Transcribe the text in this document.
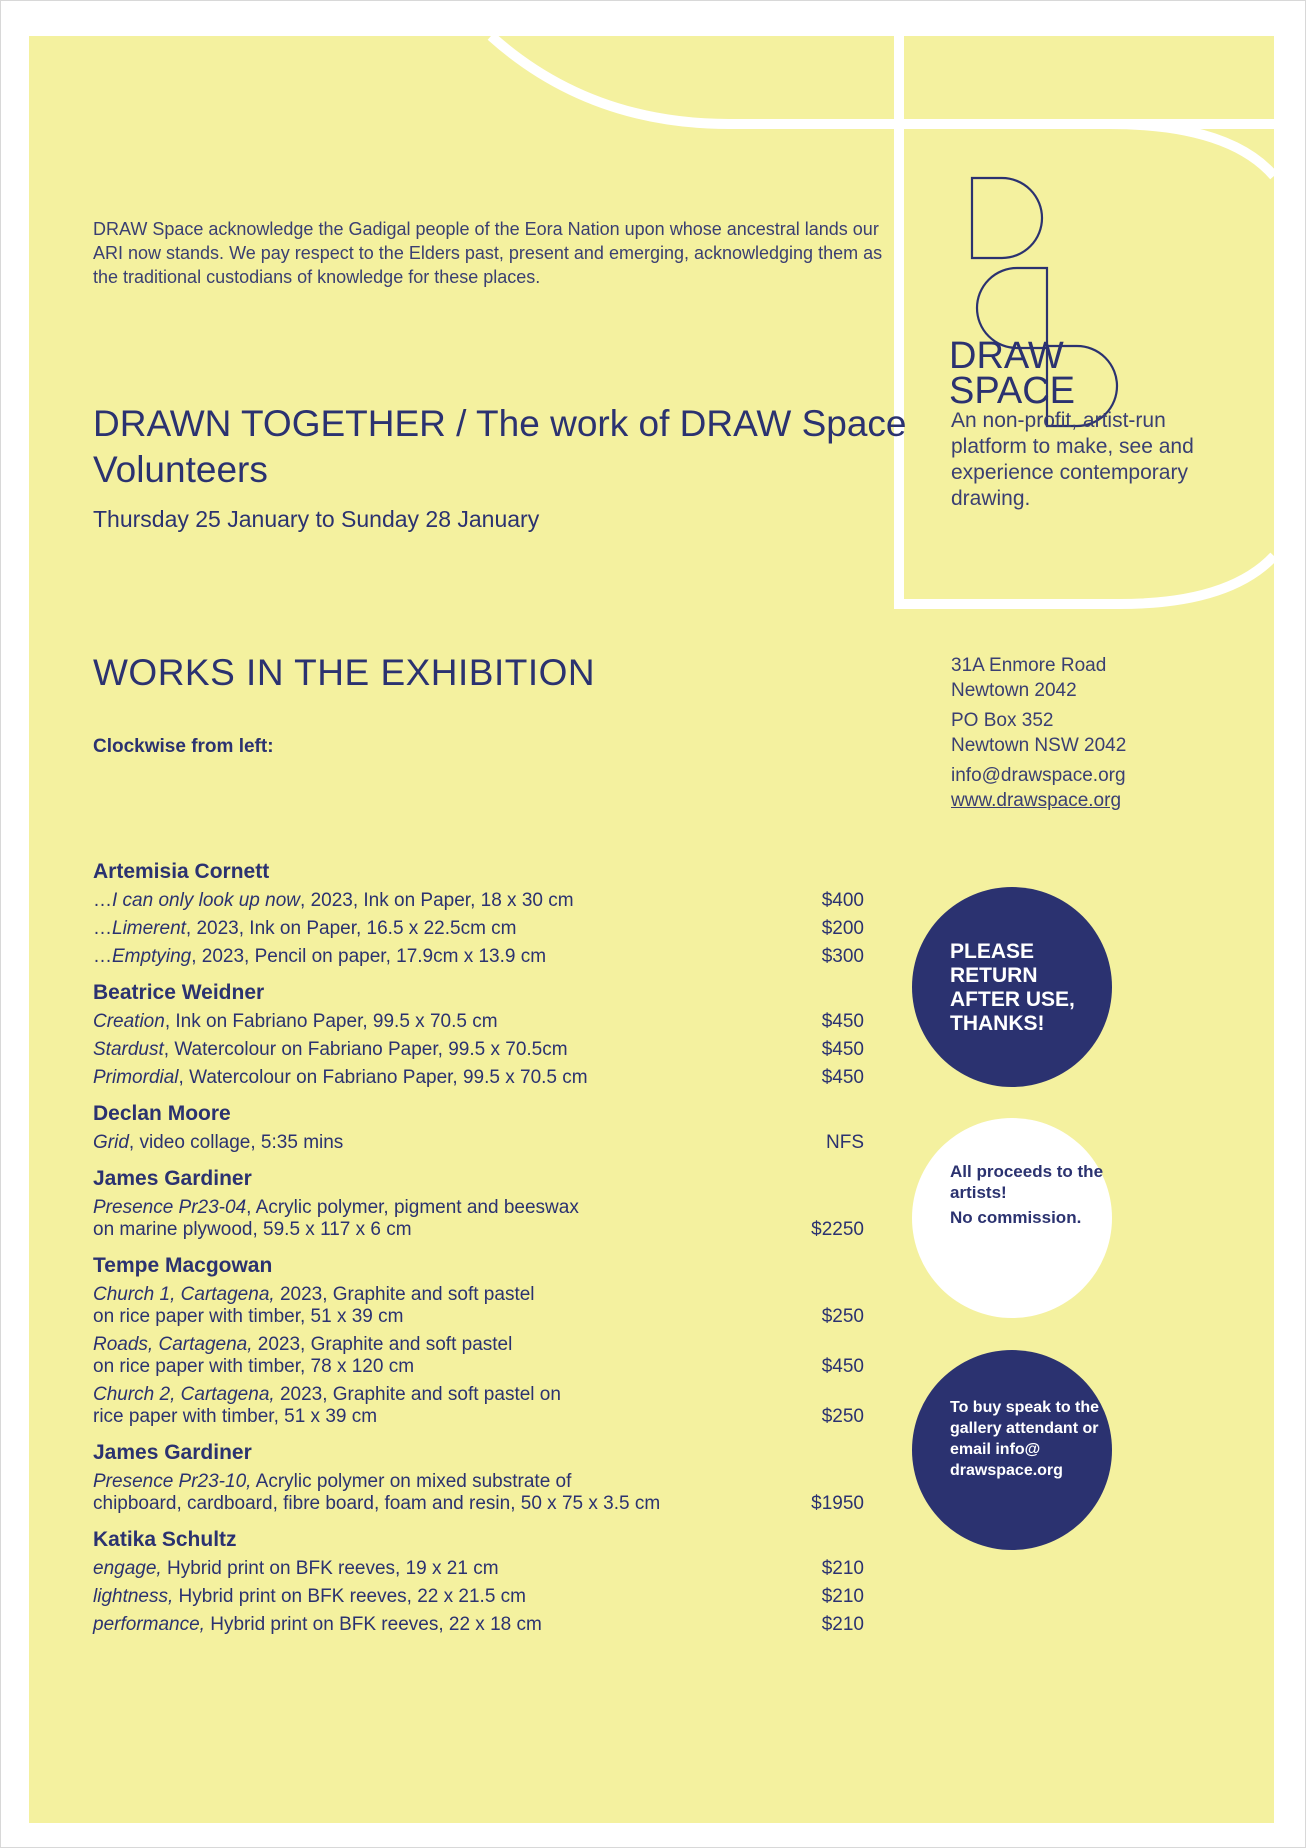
DRAW Space acknowledge the Gadigal people of the Eora Nation upon whose ancestral lands our ARI now stands. We pay respect to the Elders past, present and emerging, acknowledging them as the traditional custodians of knowledge for these places.
DRAWN TOGETHER / The work of DRAW Space Volunteers
Thursday 25 January to Sunday 28 January
WORKS IN THE EXHIBITION
Clockwise from left:
Artemisia Cornett
…I can only look up now, 2023, Ink on Paper, 18 x 30 cm	$400
…Limerent, 2023, Ink on Paper, 16.5 x 22.5cm cm	$200
…Emptying, 2023, Pencil on paper, 17.9cm x 13.9 cm	$300
Beatrice Weidner
Creation, Ink on Fabriano Paper, 99.5 x 70.5 cm	$450
Stardust, Watercolour on Fabriano Paper, 99.5 x 70.5cm	$450
Primordial, Watercolour on Fabriano Paper, 99.5 x 70.5 cm	$450
Declan Moore
Grid, video collage, 5:35 mins	NFS
James Gardiner
Presence Pr23-04, Acrylic polymer, pigment and beeswax
on marine plywood, 59.5 x 117 x 6 cm	$2250
Tempe Macgowan
Church 1, Cartagena, 2023, Graphite and soft pastel
on rice paper with timber, 51 x 39 cm	$250
Roads, Cartagena, 2023, Graphite and soft pastel
on rice paper with timber, 78 x 120 cm	$450
Church 2, Cartagena, 2023, Graphite and soft pastel on
rice paper with timber, 51 x 39 cm	$250
James Gardiner
Presence Pr23-10, Acrylic polymer on mixed substrate of
chipboard, cardboard, fibre board, foam and resin, 50 x 75 x 3.5 cm	$1950
Katika Schultz
engage, Hybrid print on BFK reeves, 19 x 21 cm	$210
lightness, Hybrid print on BFK reeves, 22 x 21.5 cm	$210
performance, Hybrid print on BFK reeves, 22 x 18 cm	$210
DRAW
SPACE
An non-profit, artist-run platform to make, see and experience contemporary drawing.

31A Enmore Road
Newtown 2042

PO Box 352
Newtown NSW 2042

info@drawspace.org
www.drawspace.org

PLEASE RETURN AFTER USE, THANKS!
All proceeds to the artists!
No commission.
To buy speak to the gallery attendant or email info@ drawspace.org
